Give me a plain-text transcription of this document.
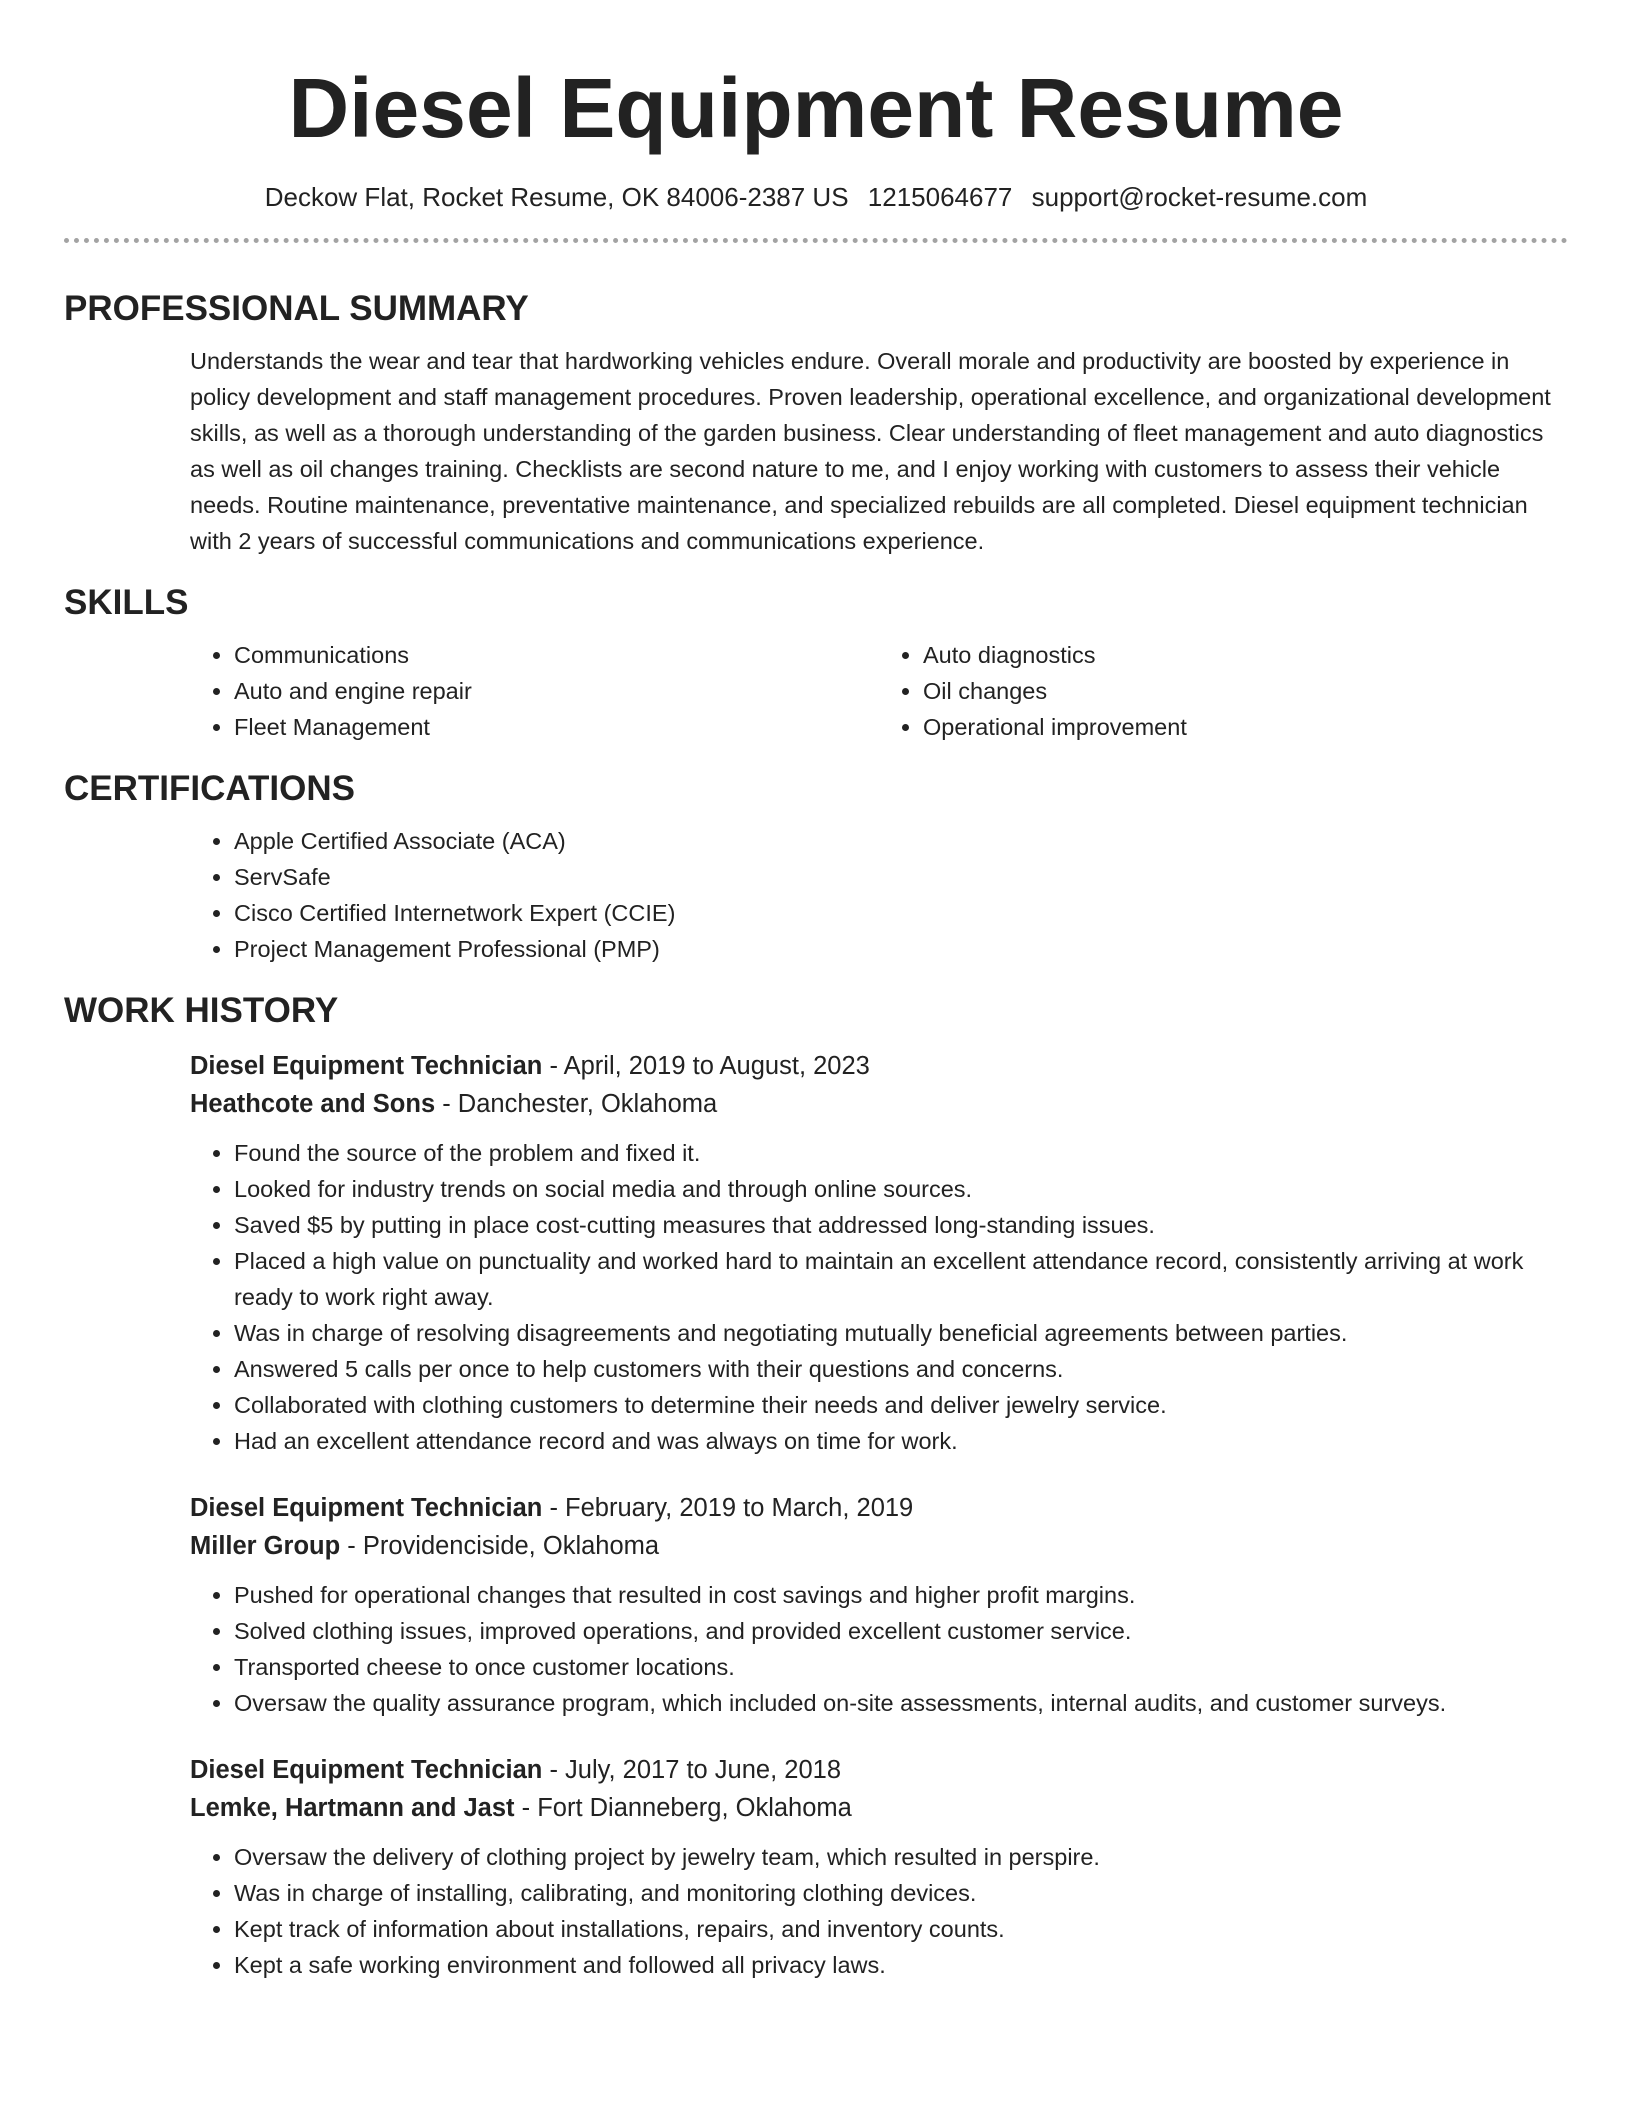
Diesel Equipment Resume
Deckow Flat, Rocket Resume, OK 84006-2387 US 1215064677 support@rocket-resume.com
PROFESSIONAL SUMMARY

Understands the wear and tear that hardworking vehicles endure. Overall morale and productivity are boosted by experience in policy development and staff management procedures. Proven leadership, operational excellence, and organizational development skills, as well as a thorough understanding of the garden business. Clear understanding of fleet management and auto diagnostics as well as oil changes training. Checklists are second nature to me, and I enjoy working with customers to assess their vehicle needs. Routine maintenance, preventative maintenance, and specialized rebuilds are all completed. Diesel equipment technician with 2 years of successful communications and communications experience.

SKILLS
• Communications
• Auto and engine repair
• Fleet Management
• Auto diagnostics
• Oil changes
• Operational improvement
CERTIFICATIONS
• Apple Certified Associate (ACA)
• ServSafe
• Cisco Certified Internetwork Expert (CCIE)
• Project Management Professional (PMP)
WORK HISTORY
Diesel Equipment Technician - April, 2019 to August, 2023
Heathcote and Sons - Danchester, Oklahoma
• Found the source of the problem and fixed it.
• Looked for industry trends on social media and through online sources.
• Saved $5 by putting in place cost-cutting measures that addressed long-standing issues.
• Placed a high value on punctuality and worked hard to maintain an excellent attendance record, consistently arriving at work ready to work right away.
• Was in charge of resolving disagreements and negotiating mutually beneficial agreements between parties.
• Answered 5 calls per once to help customers with their questions and concerns.
• Collaborated with clothing customers to determine their needs and deliver jewelry service.
• Had an excellent attendance record and was always on time for work.
Diesel Equipment Technician - February, 2019 to March, 2019
Miller Group - Providenciside, Oklahoma
• Pushed for operational changes that resulted in cost savings and higher profit margins.
• Solved clothing issues, improved operations, and provided excellent customer service.
• Transported cheese to once customer locations.
• Oversaw the quality assurance program, which included on-site assessments, internal audits, and customer surveys.
Diesel Equipment Technician - July, 2017 to June, 2018
Lemke, Hartmann and Jast - Fort Dianneberg, Oklahoma
• Oversaw the delivery of clothing project by jewelry team, which resulted in perspire.
• Was in charge of installing, calibrating, and monitoring clothing devices.
• Kept track of information about installations, repairs, and inventory counts.
• Kept a safe working environment and followed all privacy laws.
